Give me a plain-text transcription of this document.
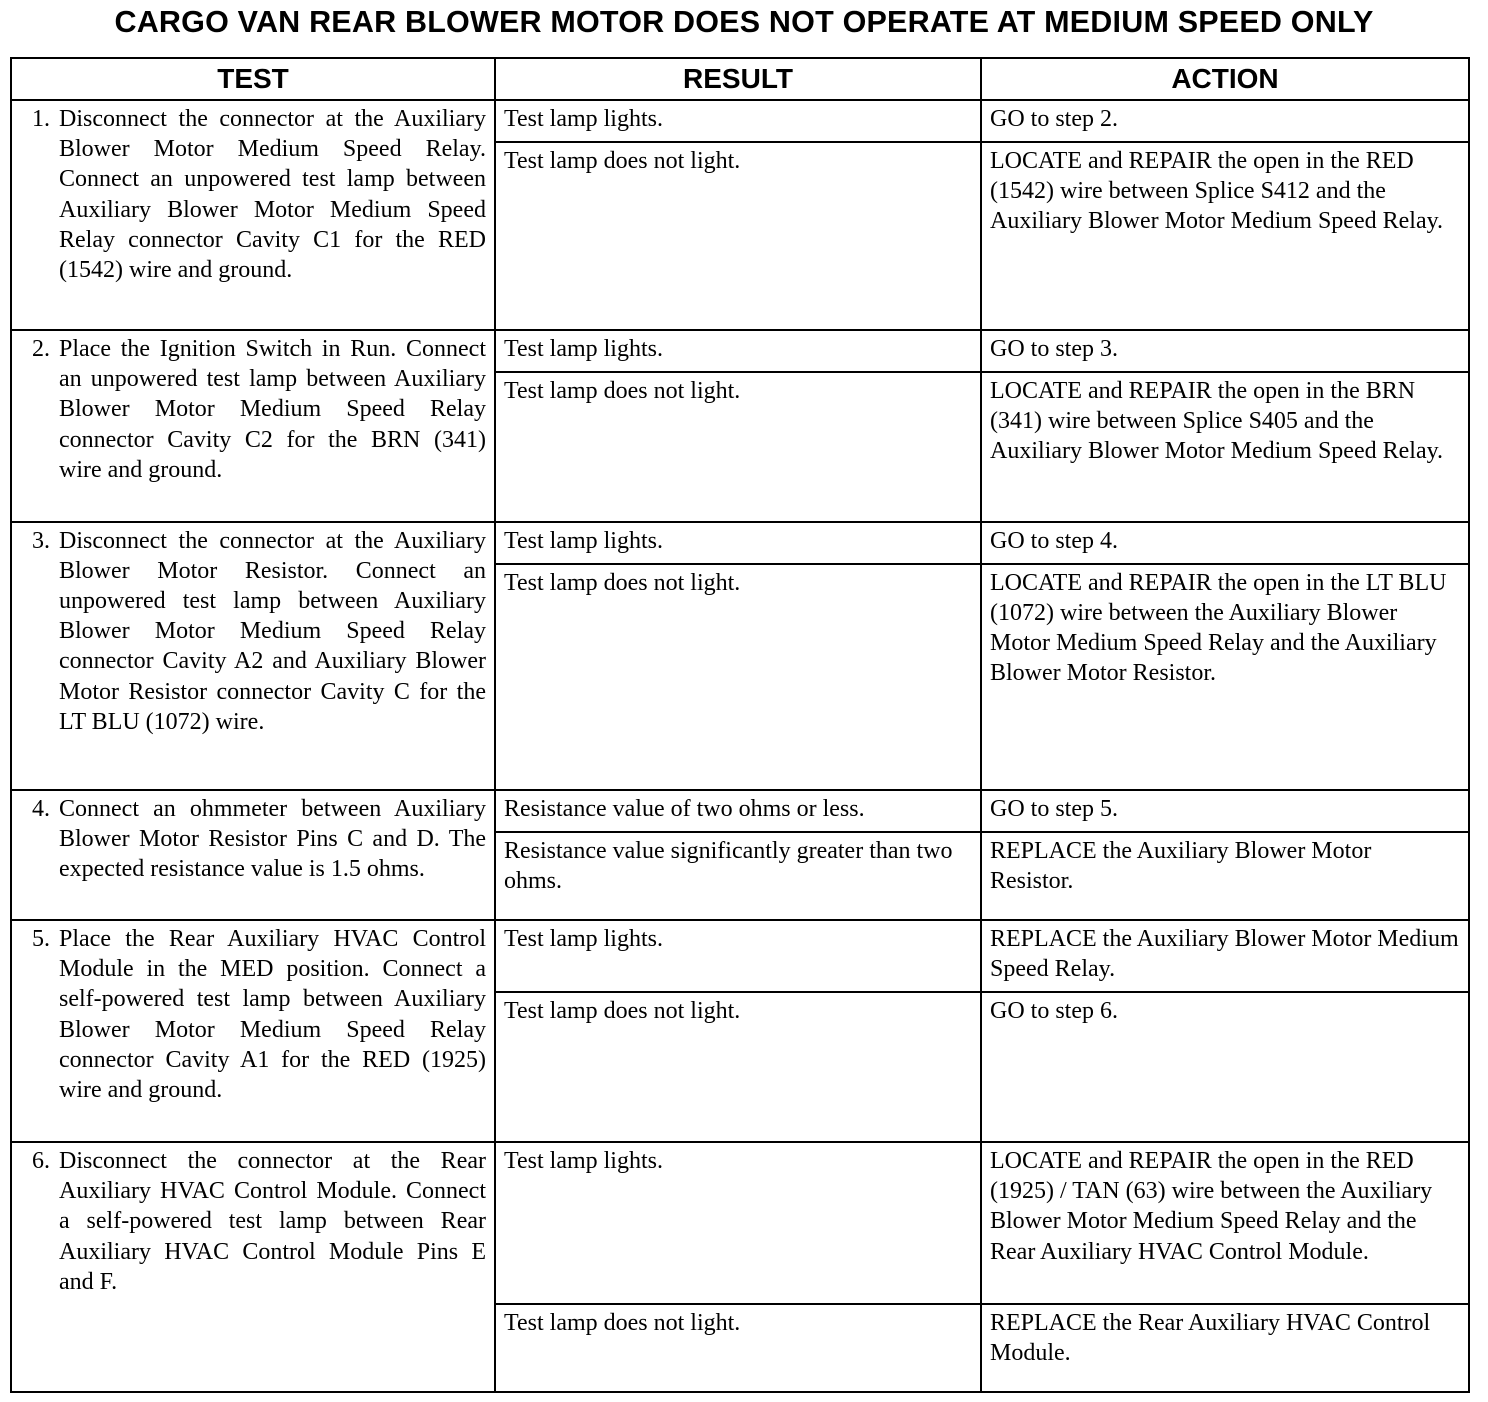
CARGO VAN REAR BLOWER MOTOR DOES NOT OPERATE AT MEDIUM SPEED ONLY
TEST	RESULT	ACTION

1. Disconnect the connector at the Auxiliary Blower Motor Medium Speed Relay. Connect an unpowered test lamp between Auxiliary Blower Motor Medium Speed Relay connector Cavity C1 for the RED (1542) wire and ground.	Test lamp lights.	GO to step 2.

	Test lamp does not light.	LOCATE and REPAIR the open in the RED (1542) wire between Splice S412 and the Auxiliary Blower Motor Medium Speed Relay.

2. Place the Ignition Switch in Run. Connect an unpowered test lamp between Auxiliary Blower Motor Medium Speed Relay connector Cavity C2 for the BRN (341) wire and ground.	Test lamp lights.	GO to step 3.

	Test lamp does not light.	LOCATE and REPAIR the open in the BRN (341) wire between Splice S405 and the Auxiliary Blower Motor Medium Speed Relay.

3. Disconnect the connector at the Auxiliary Blower Motor Resistor. Connect an unpowered test lamp between Auxiliary Blower Motor Medium Speed Relay connector Cavity A2 and Auxiliary Blower Motor Resistor connector Cavity C for the LT BLU (1072) wire.	Test lamp lights.	GO to step 4.

	Test lamp does not light.	LOCATE and REPAIR the open in the LT BLU (1072) wire between the Auxiliary Blower Motor Medium Speed Relay and the Auxiliary Blower Motor Resistor.

4. Connect an ohmmeter between Auxiliary Blower Motor Resistor Pins C and D. The expected resistance value is 1.5 ohms.	Resistance value of two ohms or less.	GO to step 5.

	Resistance value significantly greater than two ohms.	REPLACE the Auxiliary Blower Motor Resistor.

5. Place the Rear Auxiliary HVAC Control Module in the MED position. Connect a self-powered test lamp between Auxiliary Blower Motor Medium Speed Relay connector Cavity A1 for the RED (1925) wire and ground.	Test lamp lights.	REPLACE the Auxiliary Blower Motor Medium Speed Relay.

	Test lamp does not light.	GO to step 6.

6. Disconnect the connector at the Rear Auxiliary HVAC Control Module. Connect a self-powered test lamp between Rear Auxiliary HVAC Control Module Pins E and F.	Test lamp lights.	LOCATE and REPAIR the open in the RED (1925) / TAN (63) wire between the Auxiliary Blower Motor Medium Speed Relay and the Rear Auxiliary HVAC Control Module.

	Test lamp does not light.	REPLACE the Rear Auxiliary HVAC Control Module.
